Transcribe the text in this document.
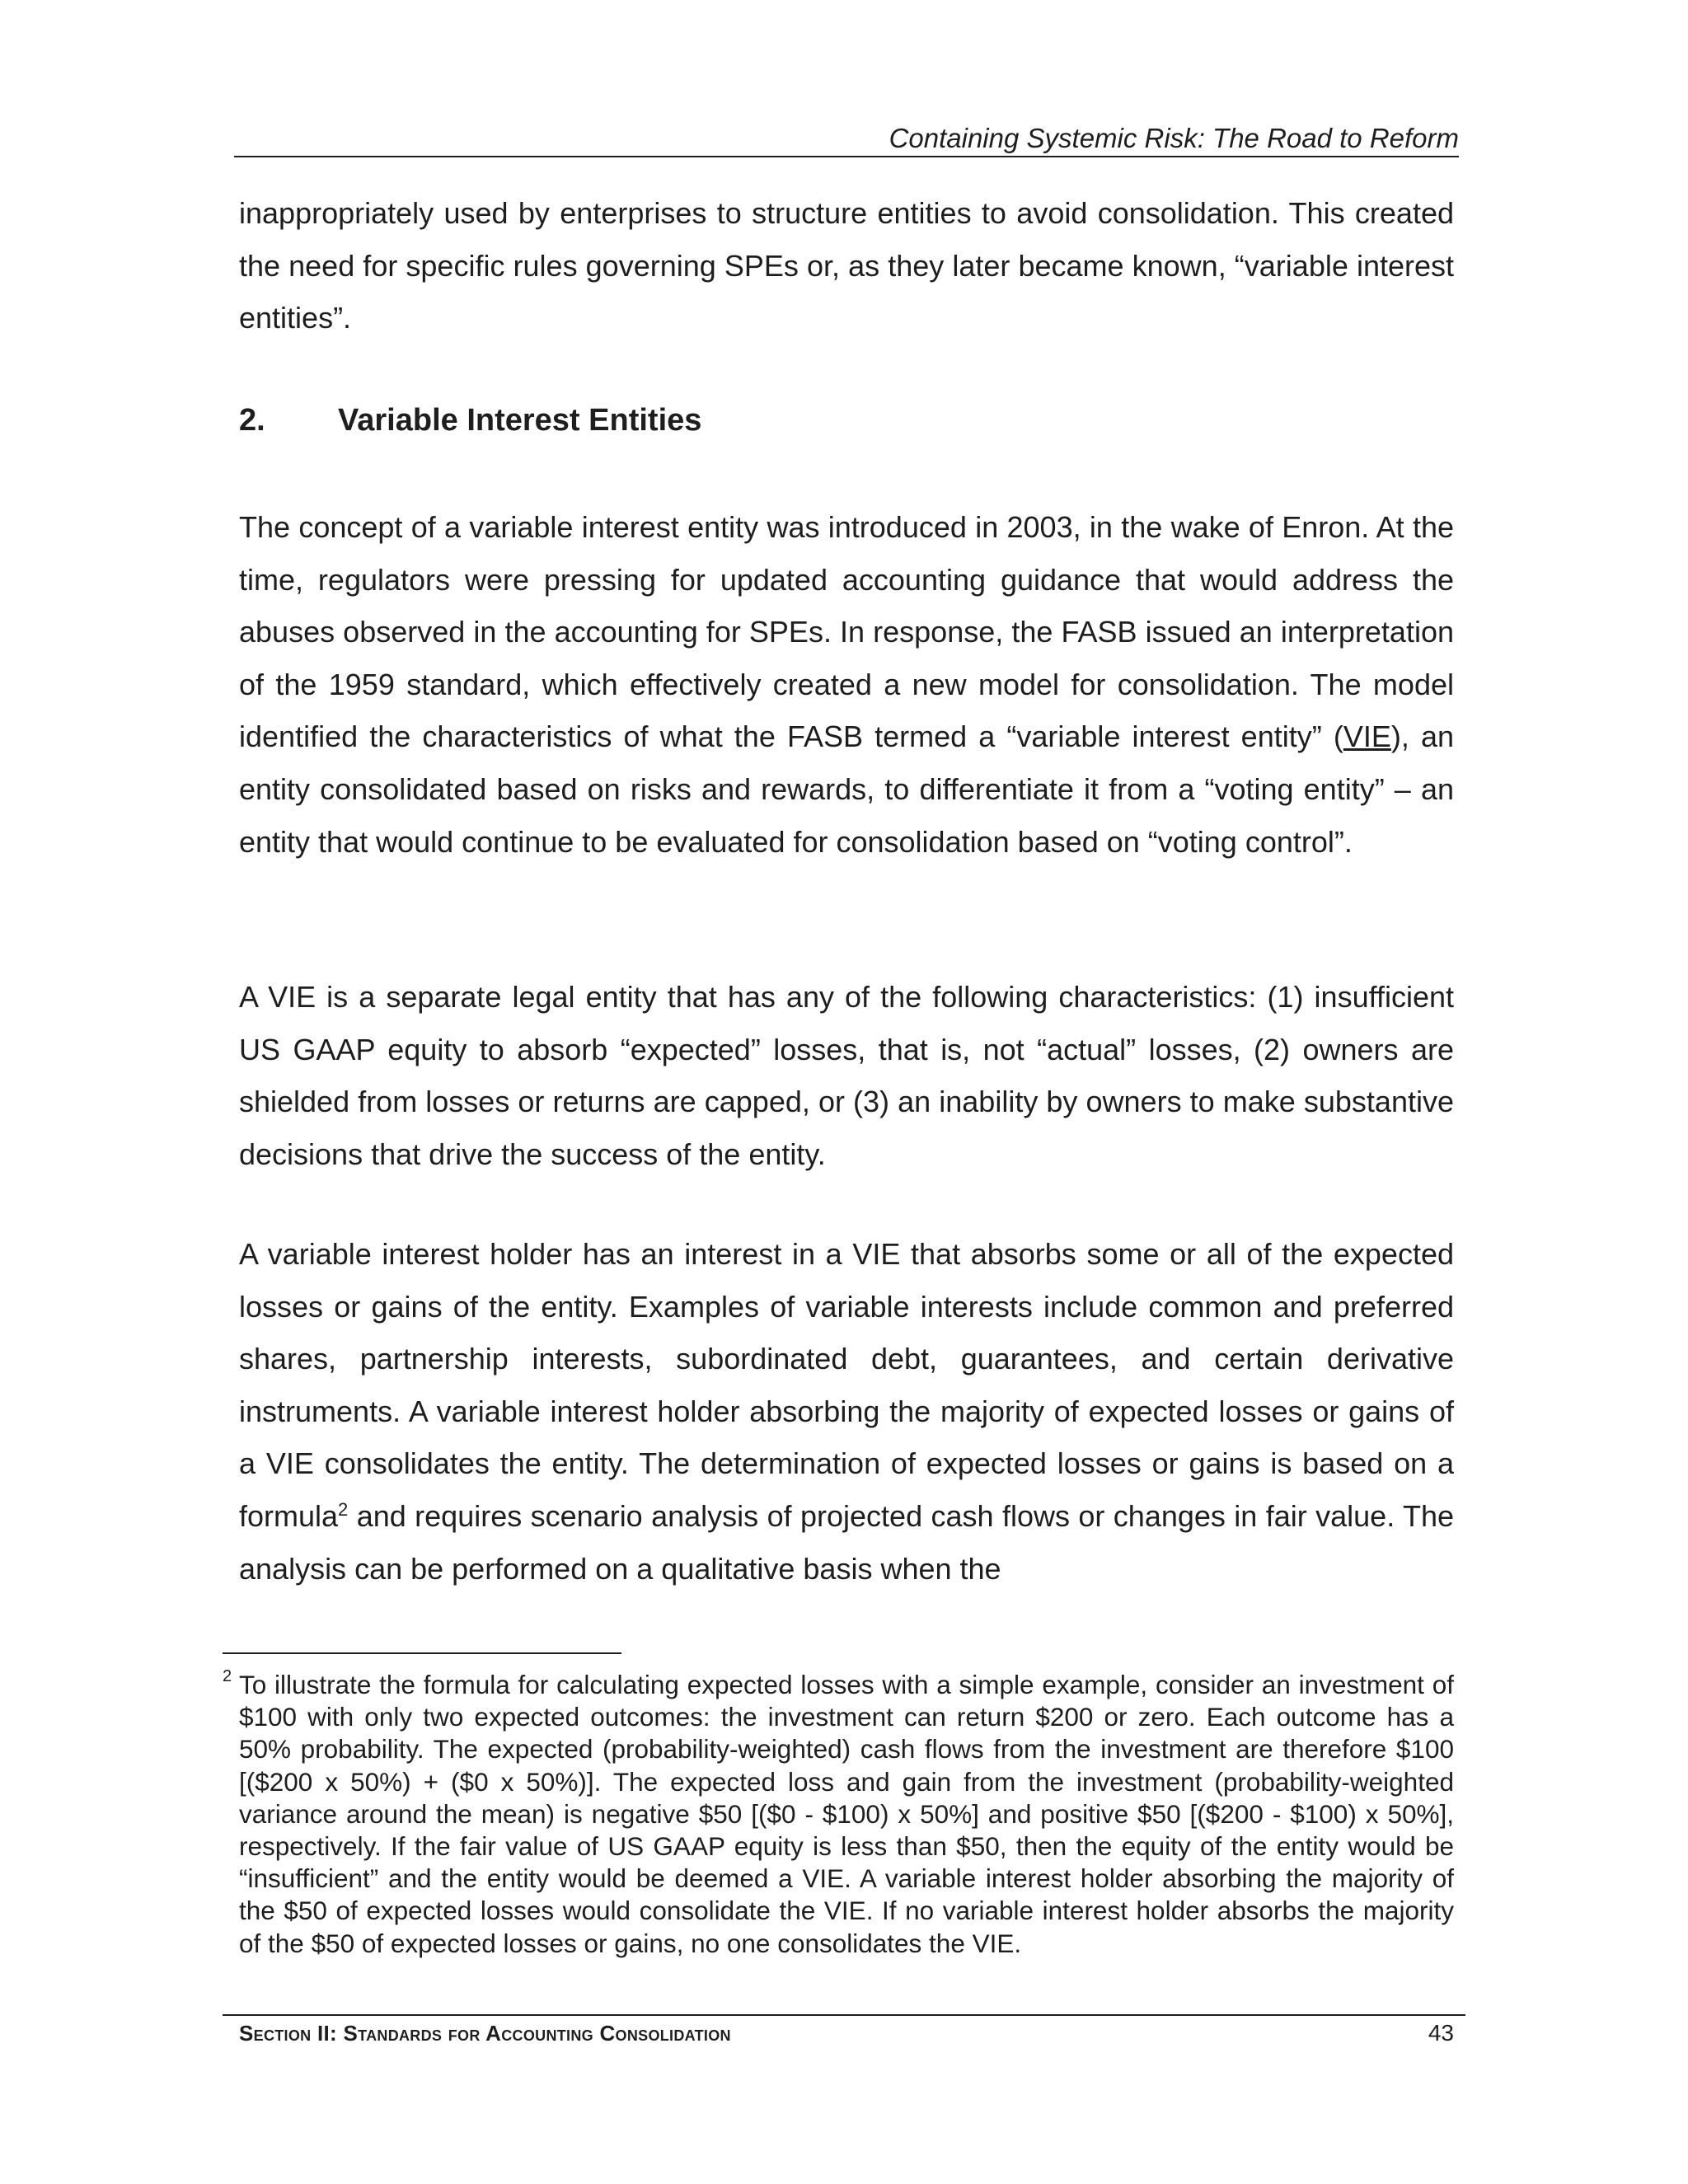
Containing Systemic Risk: The Road to Reform

inappropriately used by enterprises to structure entities to avoid consolidation. This created the need for specific rules governing SPEs or, as they later became known, “variable interest entities”.

2. Variable Interest Entities

The concept of a variable interest entity was introduced in 2003, in the wake of Enron. At the time, regulators were pressing for updated accounting guidance that would address the abuses observed in the accounting for SPEs. In response, the FASB issued an interpretation of the 1959 standard, which effectively created a new model for consolidation. The model identified the characteristics of what the FASB termed a “variable interest entity” (VIE), an entity consolidated based on risks and rewards, to differentiate it from a “voting entity” – an entity that would continue to be evaluated for consolidation based on “voting control”.

A VIE is a separate legal entity that has any of the following characteristics: (1) insufficient US GAAP equity to absorb “expected” losses, that is, not “actual” losses, (2) owners are shielded from losses or returns are capped, or (3) an inability by owners to make substantive decisions that drive the success of the entity.

A variable interest holder has an interest in a VIE that absorbs some or all of the expected losses or gains of the entity. Examples of variable interests include common and preferred shares, partnership interests, subordinated debt, guarantees, and certain derivative instruments. A variable interest holder absorbing the majority of expected losses or gains of a VIE consolidates the entity. The determination of expected losses or gains is based on a formula$^2$ and requires scenario analysis of projected cash flows or changes in fair value. The analysis can be performed on a qualitative basis when the

2 To illustrate the formula for calculating expected losses with a simple example, consider an investment of $100 with only two expected outcomes: the investment can return $200 or zero. Each outcome has a 50% probability. The expected (probability-weighted) cash flows from the investment are therefore $100 [($200 x 50%) + ($0 x 50%)]. The expected loss and gain from the investment (probability-weighted variance around the mean) is negative $50 [($0 - $100) x 50%] and positive $50 [($200 - $100) x 50%], respectively. If the fair value of US GAAP equity is less than $50, then the equity of the entity would be “insufficient” and the entity would be deemed a VIE. A variable interest holder absorbing the majority of the $50 of expected losses would consolidate the VIE. If no variable interest holder absorbs the majority of the $50 of expected losses or gains, no one consolidates the VIE.

Section II: Standards for Accounting Consolidation	43
